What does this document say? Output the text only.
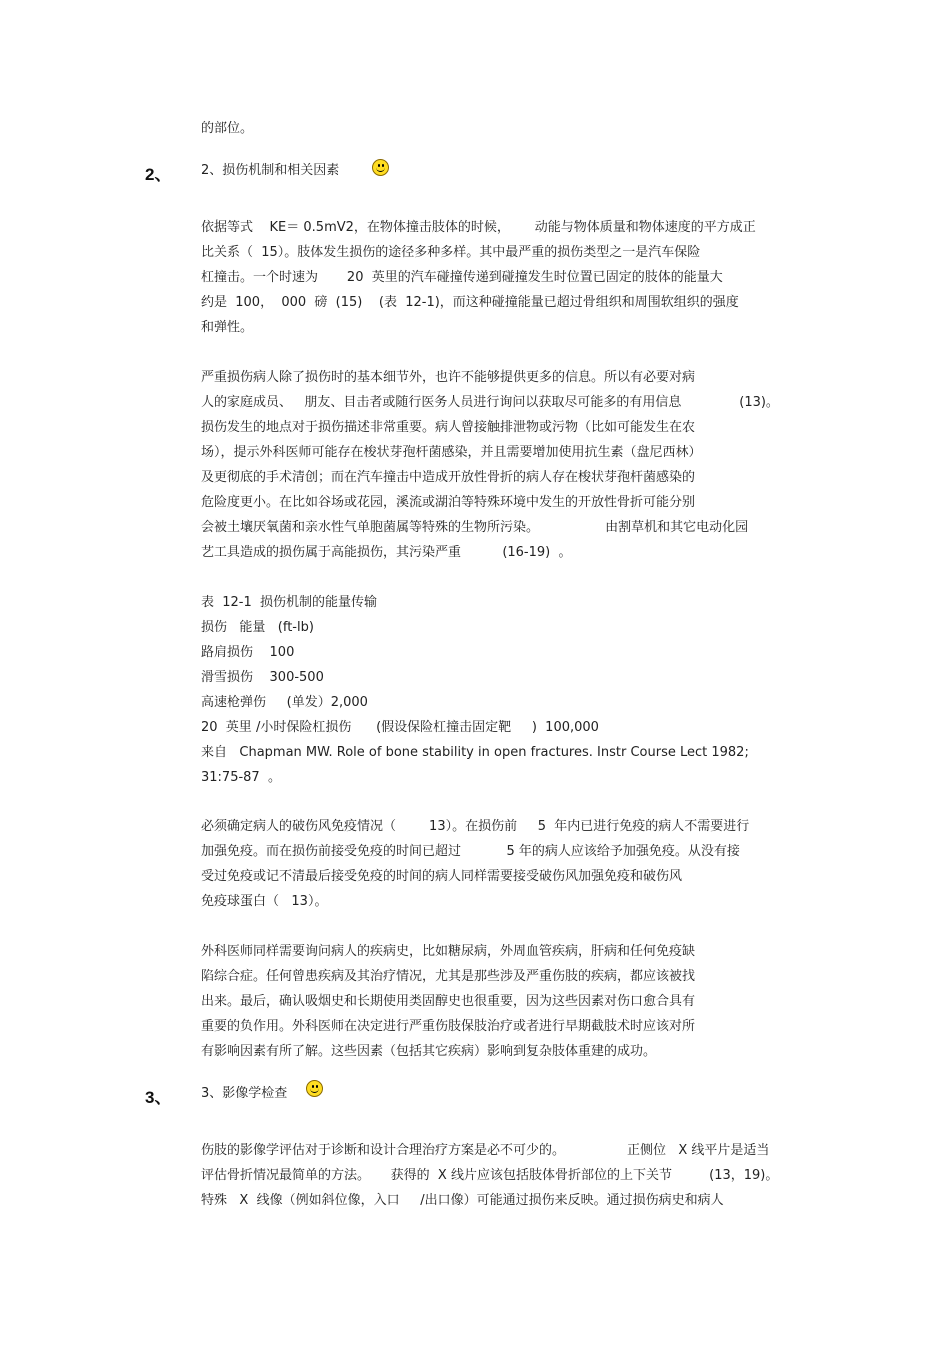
的部位。
2、 2、损伤机制和相关因素
依据等式    KE＝ 0.5mV2，在物体撞击肢体的时候，      动能与物体质量和物体速度的平方成正
比关系（  15）。肢体发生损伤的途径多种多样。其中最严重的损伤类型之一是汽车保险
杠撞击。一个时速为       20  英里的汽车碰撞传递到碰撞发生时位置已固定的肢体的能量大
约是  100，  000  磅  (15)    (表  12-1)，而这种碰撞能量已超过骨组织和周围软组织的强度
和弹性。
严重损伤病人除了损伤时的基本细节外，也许不能够提供更多的信息。所以有必要对病
人的家庭成员、   朋友、目击者或随行医务人员进行询问以获取尽可能多的有用信息              (13)。
损伤发生的地点对于损伤描述非常重要。病人曾接触排泄物或污物（比如可能发生在农
场），提示外科医师可能存在梭状芽孢杆菌感染，并且需要增加使用抗生素（盘尼西林）
及更彻底的手术清创；而在汽车撞击中造成开放性骨折的病人存在梭状芽孢杆菌感染的
危险度更小。在比如谷场或花园，溪流或湖泊等特殊环境中发生的开放性骨折可能分别
会被土壤厌氧菌和亲水性气单胞菌属等特殊的生物所污染。                由割草机和其它电动化园
艺工具造成的损伤属于高能损伤，其污染严重          (16-19)  。
表  12-1  损伤机制的能量传输
损伤   能量   (ft-lb)
路肩损伤    100
滑雪损伤    300-500
高速枪弹伤     (单发）2,000
20  英里 /小时保险杠损伤      (假设保险杠撞击固定靶     )  100,000
来自   Chapman MW. Role of bone stability in open fractures. Instr Course Lect 1982;
31:75-87  。
必须确定病人的破伤风免疫情况（        13）。在损伤前     5  年内已进行免疫的病人不需要进行
加强免疫。而在损伤前接受免疫的时间已超过           5 年的病人应该给予加强免疫。从没有接
受过免疫或记不清最后接受免疫的时间的病人同样需要接受破伤风加强免疫和破伤风
免疫球蛋白（   13）。
外科医师同样需要询问病人的疾病史，比如糖尿病，外周血管疾病，肝病和任何免疫缺
陷综合症。任何曾患疾病及其治疗情况，尤其是那些涉及严重伤肢的疾病，都应该被找
出来。最后，确认吸烟史和长期使用类固醇史也很重要，因为这些因素对伤口愈合具有
重要的负作用。外科医师在决定进行严重伤肢保肢治疗或者进行早期截肢术时应该对所
有影响因素有所了解。这些因素（包括其它疾病）影响到复杂肢体重建的成功。
3、 3、影像学检查
伤肢的影像学评估对于诊断和设计合理治疗方案是必不可少的。               正侧位   X 线平片是适当
评估骨折情况最简单的方法。     获得的  X 线片应该包括肢体骨折部位的上下关节         (13，19)。
特殊   X  线像（例如斜位像，入口     /出口像）可能通过损伤来反映。通过损伤病史和病人
